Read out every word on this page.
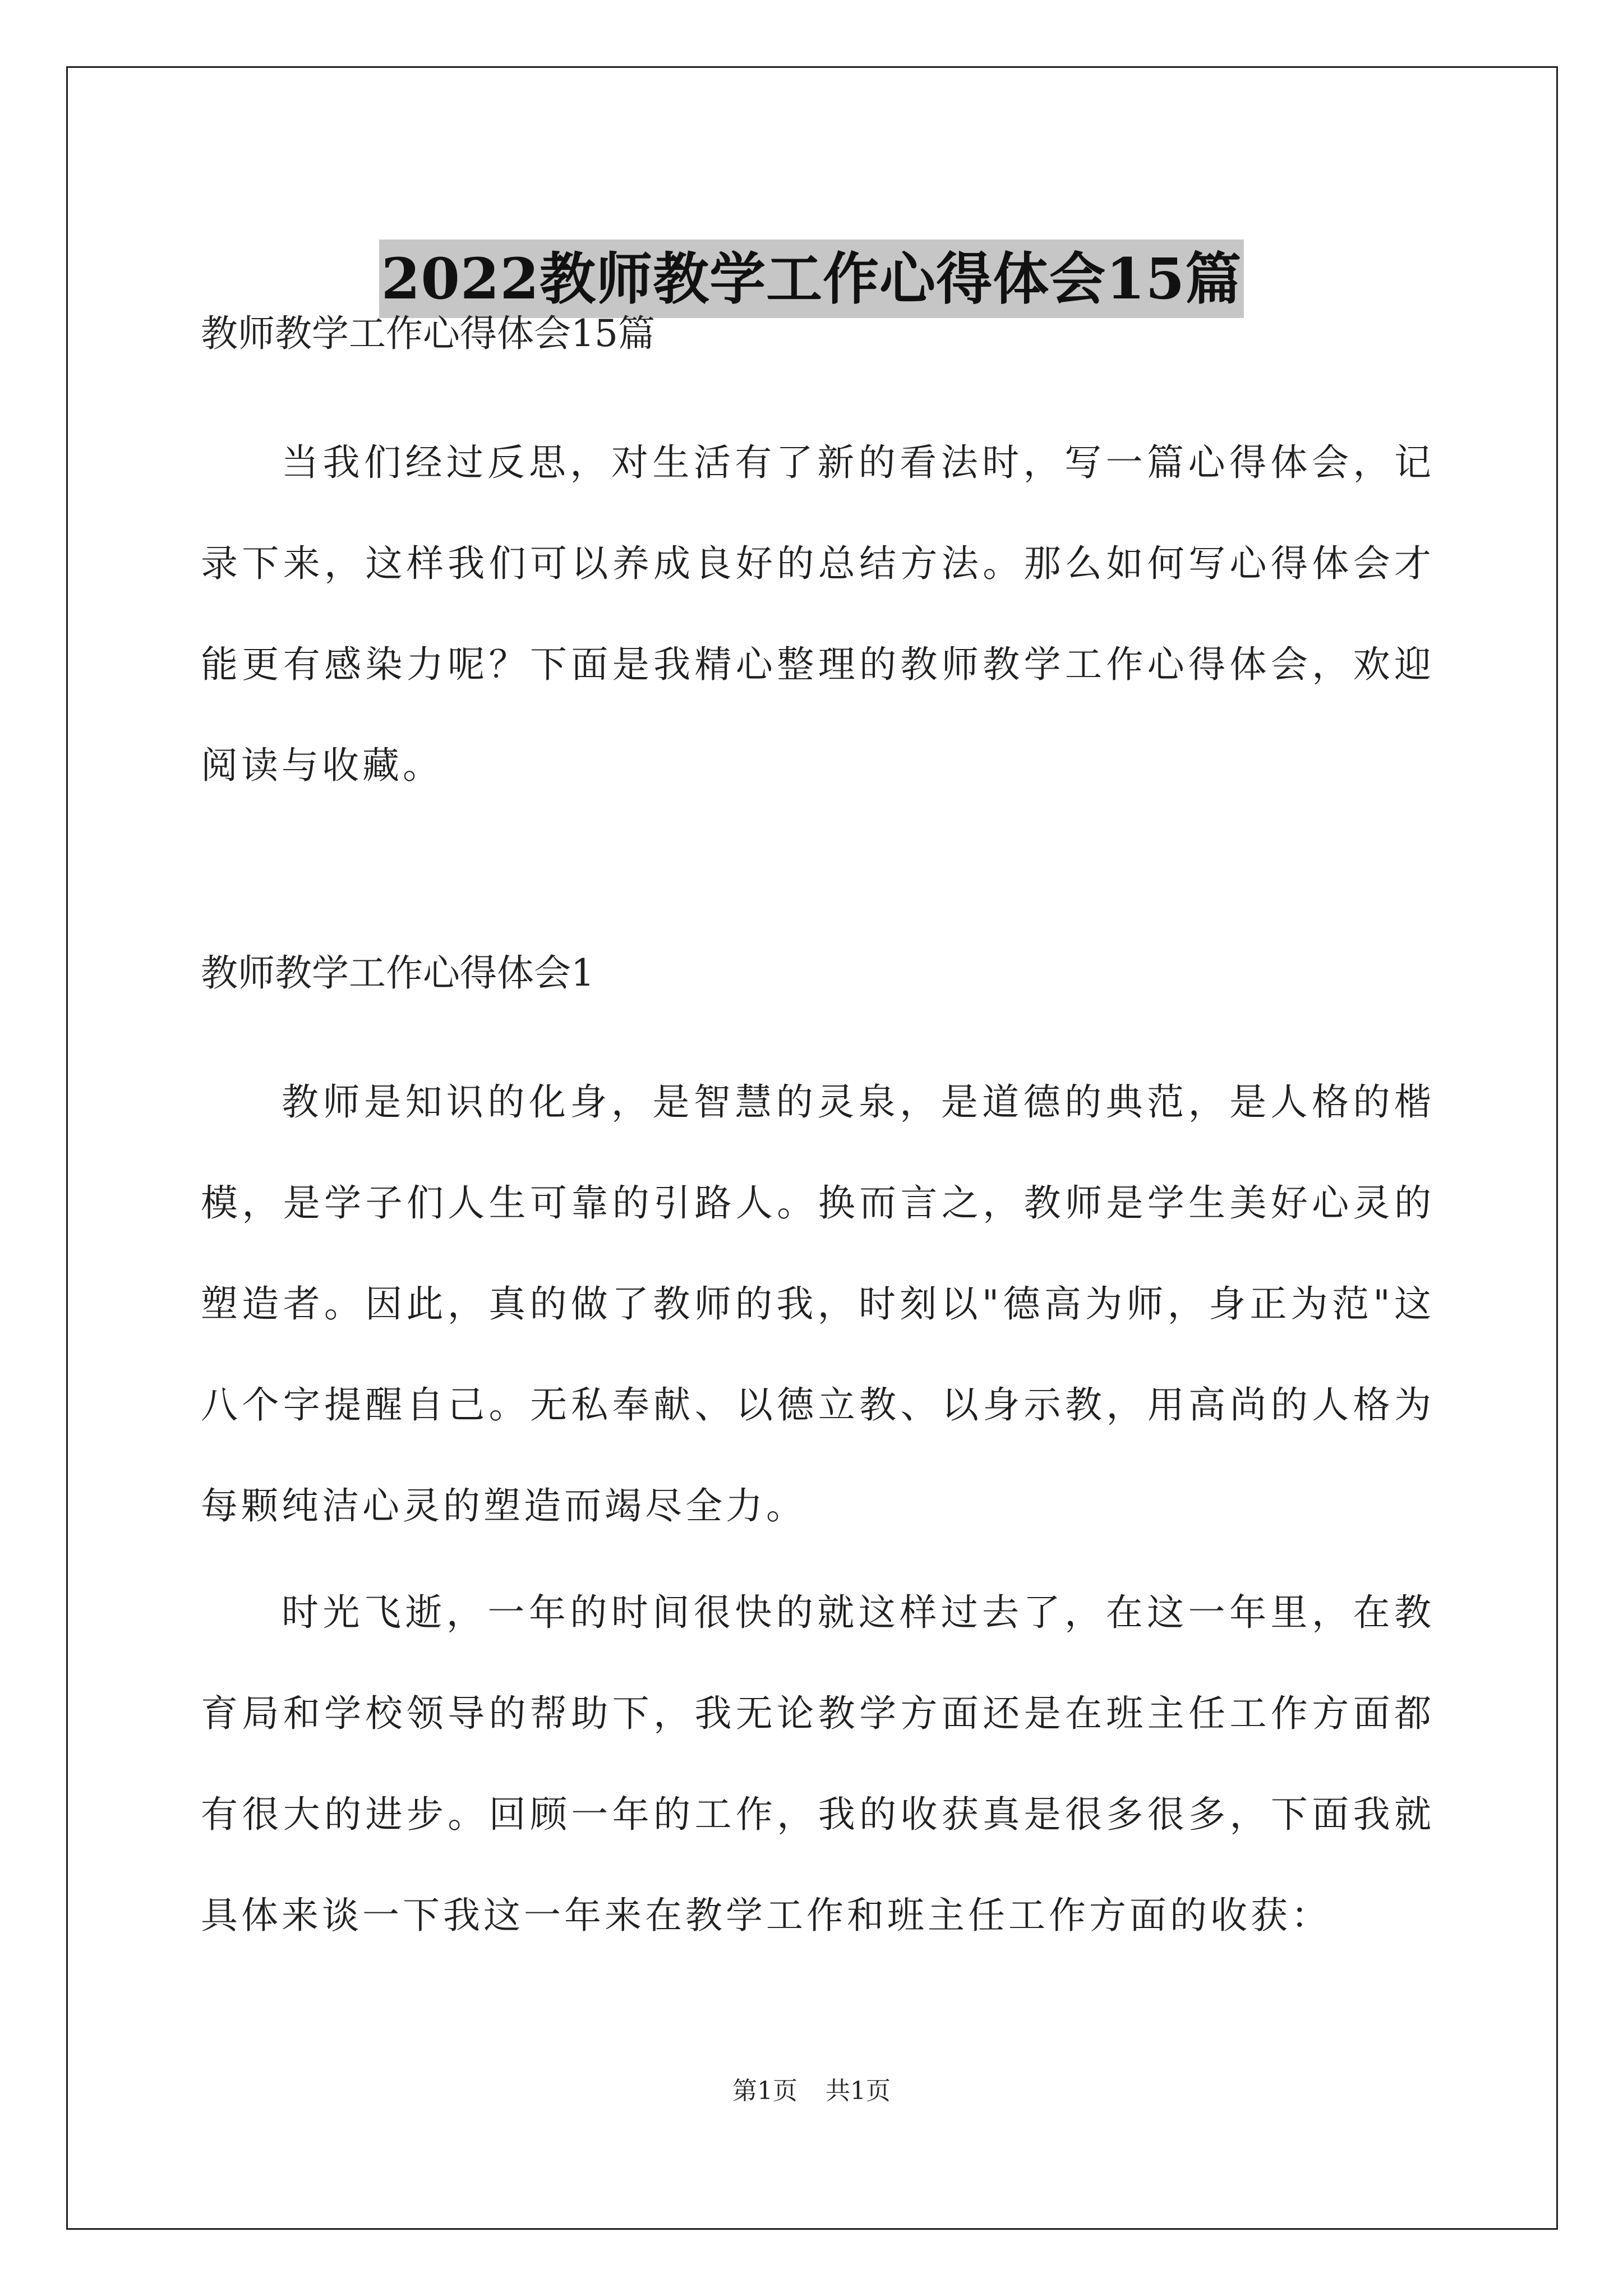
2022教师教学工作心得体会15篇

教师教学工作心得体会15篇

当我们经过反思，对生活有了新的看法时，写一篇心得体会，记录下来，这样我们可以养成良好的总结方法。那么如何写心得体会才能更有感染力呢？下面是我精心整理的教师教学工作心得体会，欢迎阅读与收藏。

教师教学工作心得体会1

教师是知识的化身，是智慧的灵泉，是道德的典范，是人格的楷模，是学子们人生可靠的引路人。换而言之，教师是学生美好心灵的塑造者。因此，真的做了教师的我，时刻以"德高为师，身正为范"这八个字提醒自己。无私奉献、以德立教、以身示教，用高尚的人格为每颗纯洁心灵的塑造而竭尽全力。

时光飞逝，一年的时间很快的就这样过去了，在这一年里，在教育局和学校领导的帮助下，我无论教学方面还是在班主任工作方面都有很大的进步。回顾一年的工作，我的收获真是很多很多，下面我就具体来谈一下我这一年来在教学工作和班主任工作方面的收获：

第1页 共1页
